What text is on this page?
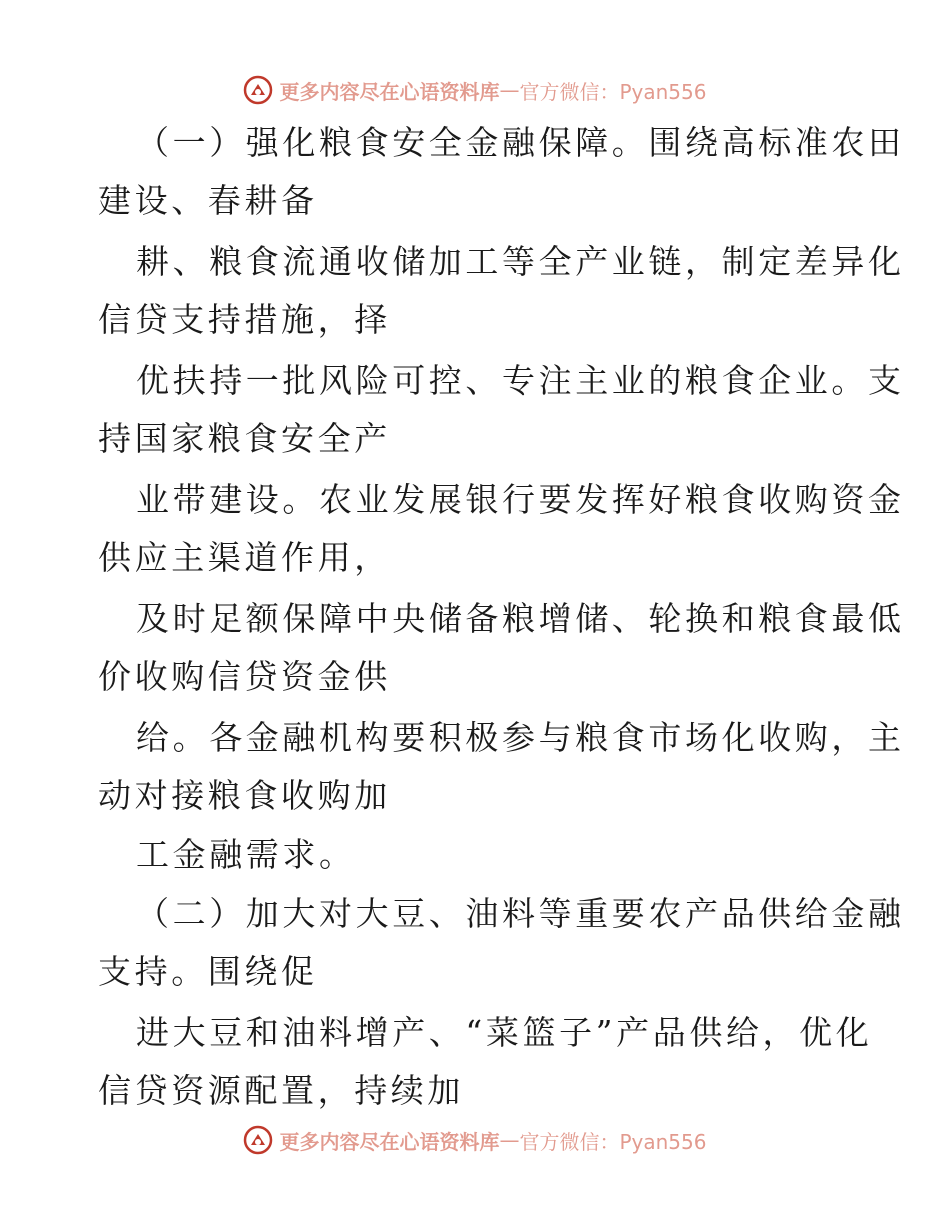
更多内容尽在心语资料库 — 官方微信：Pyan556
（一）强化粮食安全金融保障。围绕高标准农田
建设、春耕备
耕、粮食流通收储加工等全产业链，制定差异化
信贷支持措施，择
优扶持一批风险可控、专注主业的粮食企业。支
持国家粮食安全产
业带建设。农业发展银行要发挥好粮食收购资金
供应主渠道作用，
及时足额保障中央储备粮增储、轮换和粮食最低
价收购信贷资金供
给。各金融机构要积极参与粮食市场化收购，主
动对接粮食收购加
工金融需求。
（二）加大对大豆、油料等重要农产品供给金融
支持。围绕促
进大豆和油料增产、“菜篮子”产品供给，优化
信贷资源配置，持续加
更多内容尽在心语资料库 — 官方微信：Pyan556
